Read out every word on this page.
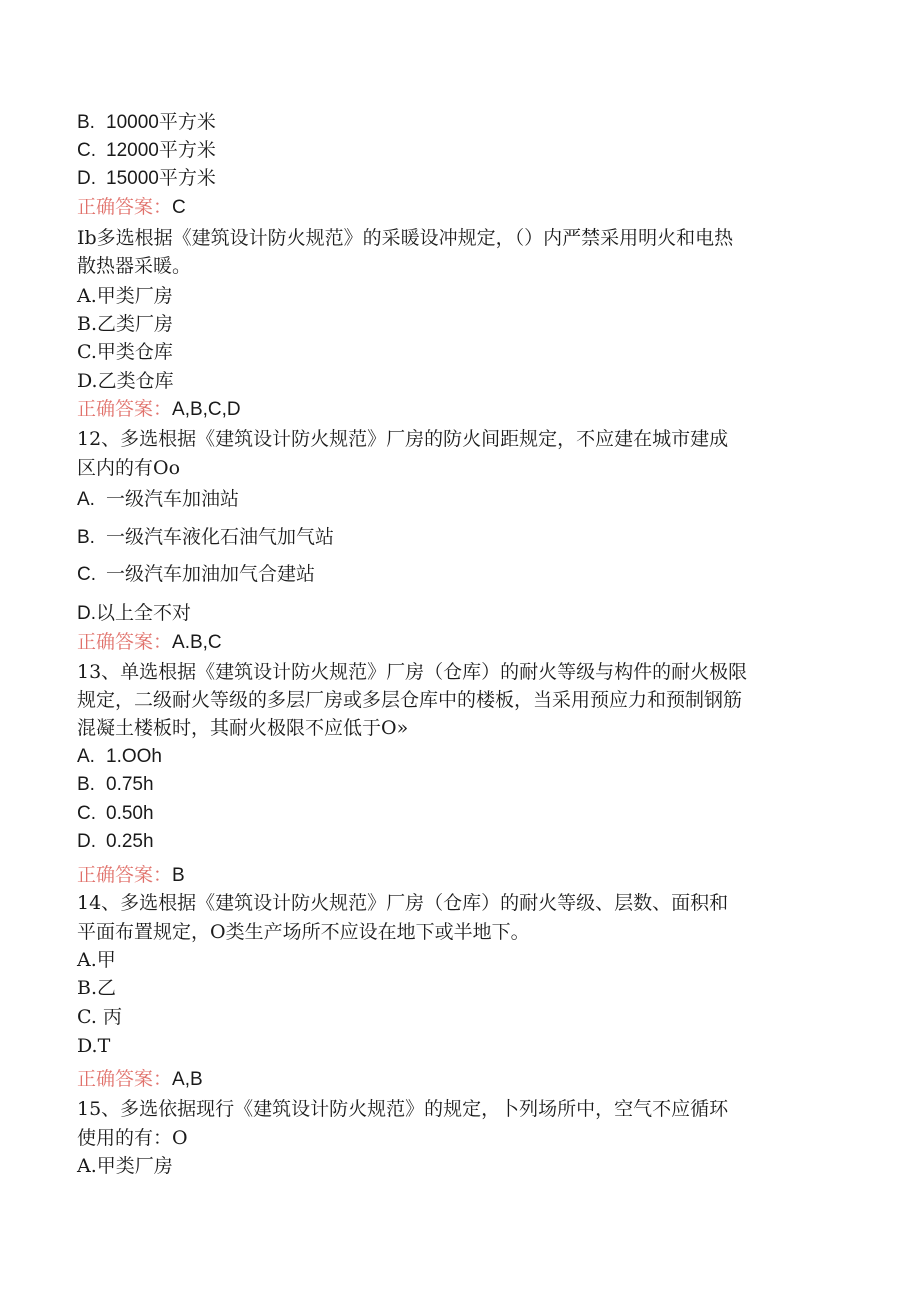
B. 10000平方米
C. 12000平方米
D. 15000平方米
正确答案：C
Ib多选根据《建筑设计防火规范》的采暖设冲规定，（）内严禁采用明火和电热
散热器采暖。
A.甲类厂房
B.乙类厂房
C.甲类仓库
D.乙类仓库
正确答案：A,B,C,D
12、多选根据《建筑设计防火规范》厂房的防火间距规定，不应建在城市建成
区内的有Oo
A. 一级汽车加油站
B. 一级汽车液化石油气加气站
C. 一级汽车加油加气合建站
D.以上全不对
正确答案：A.B,C
13、单选根据《建筑设计防火规范》厂房（仓库）的耐火等级与构件的耐火极限
规定，二级耐火等级的多层厂房或多层仓库中的楼板，当采用预应力和预制钢筋
混凝土楼板时，其耐火极限不应低于O»
A. 1.OOh
B. 0.75h
C. 0.50h
D. 0.25h
正确答案：B
14、多选根据《建筑设计防火规范》厂房（仓库）的耐火等级、层数、面积和
平面布置规定，O类生产场所不应设在地下或半地下。
A.甲
B.乙
C. 丙
D.T
正确答案：A,B
15、多选依据现行《建筑设计防火规范》的规定，卜列场所中，空气不应循环
使用的有：O
A.甲类厂房
